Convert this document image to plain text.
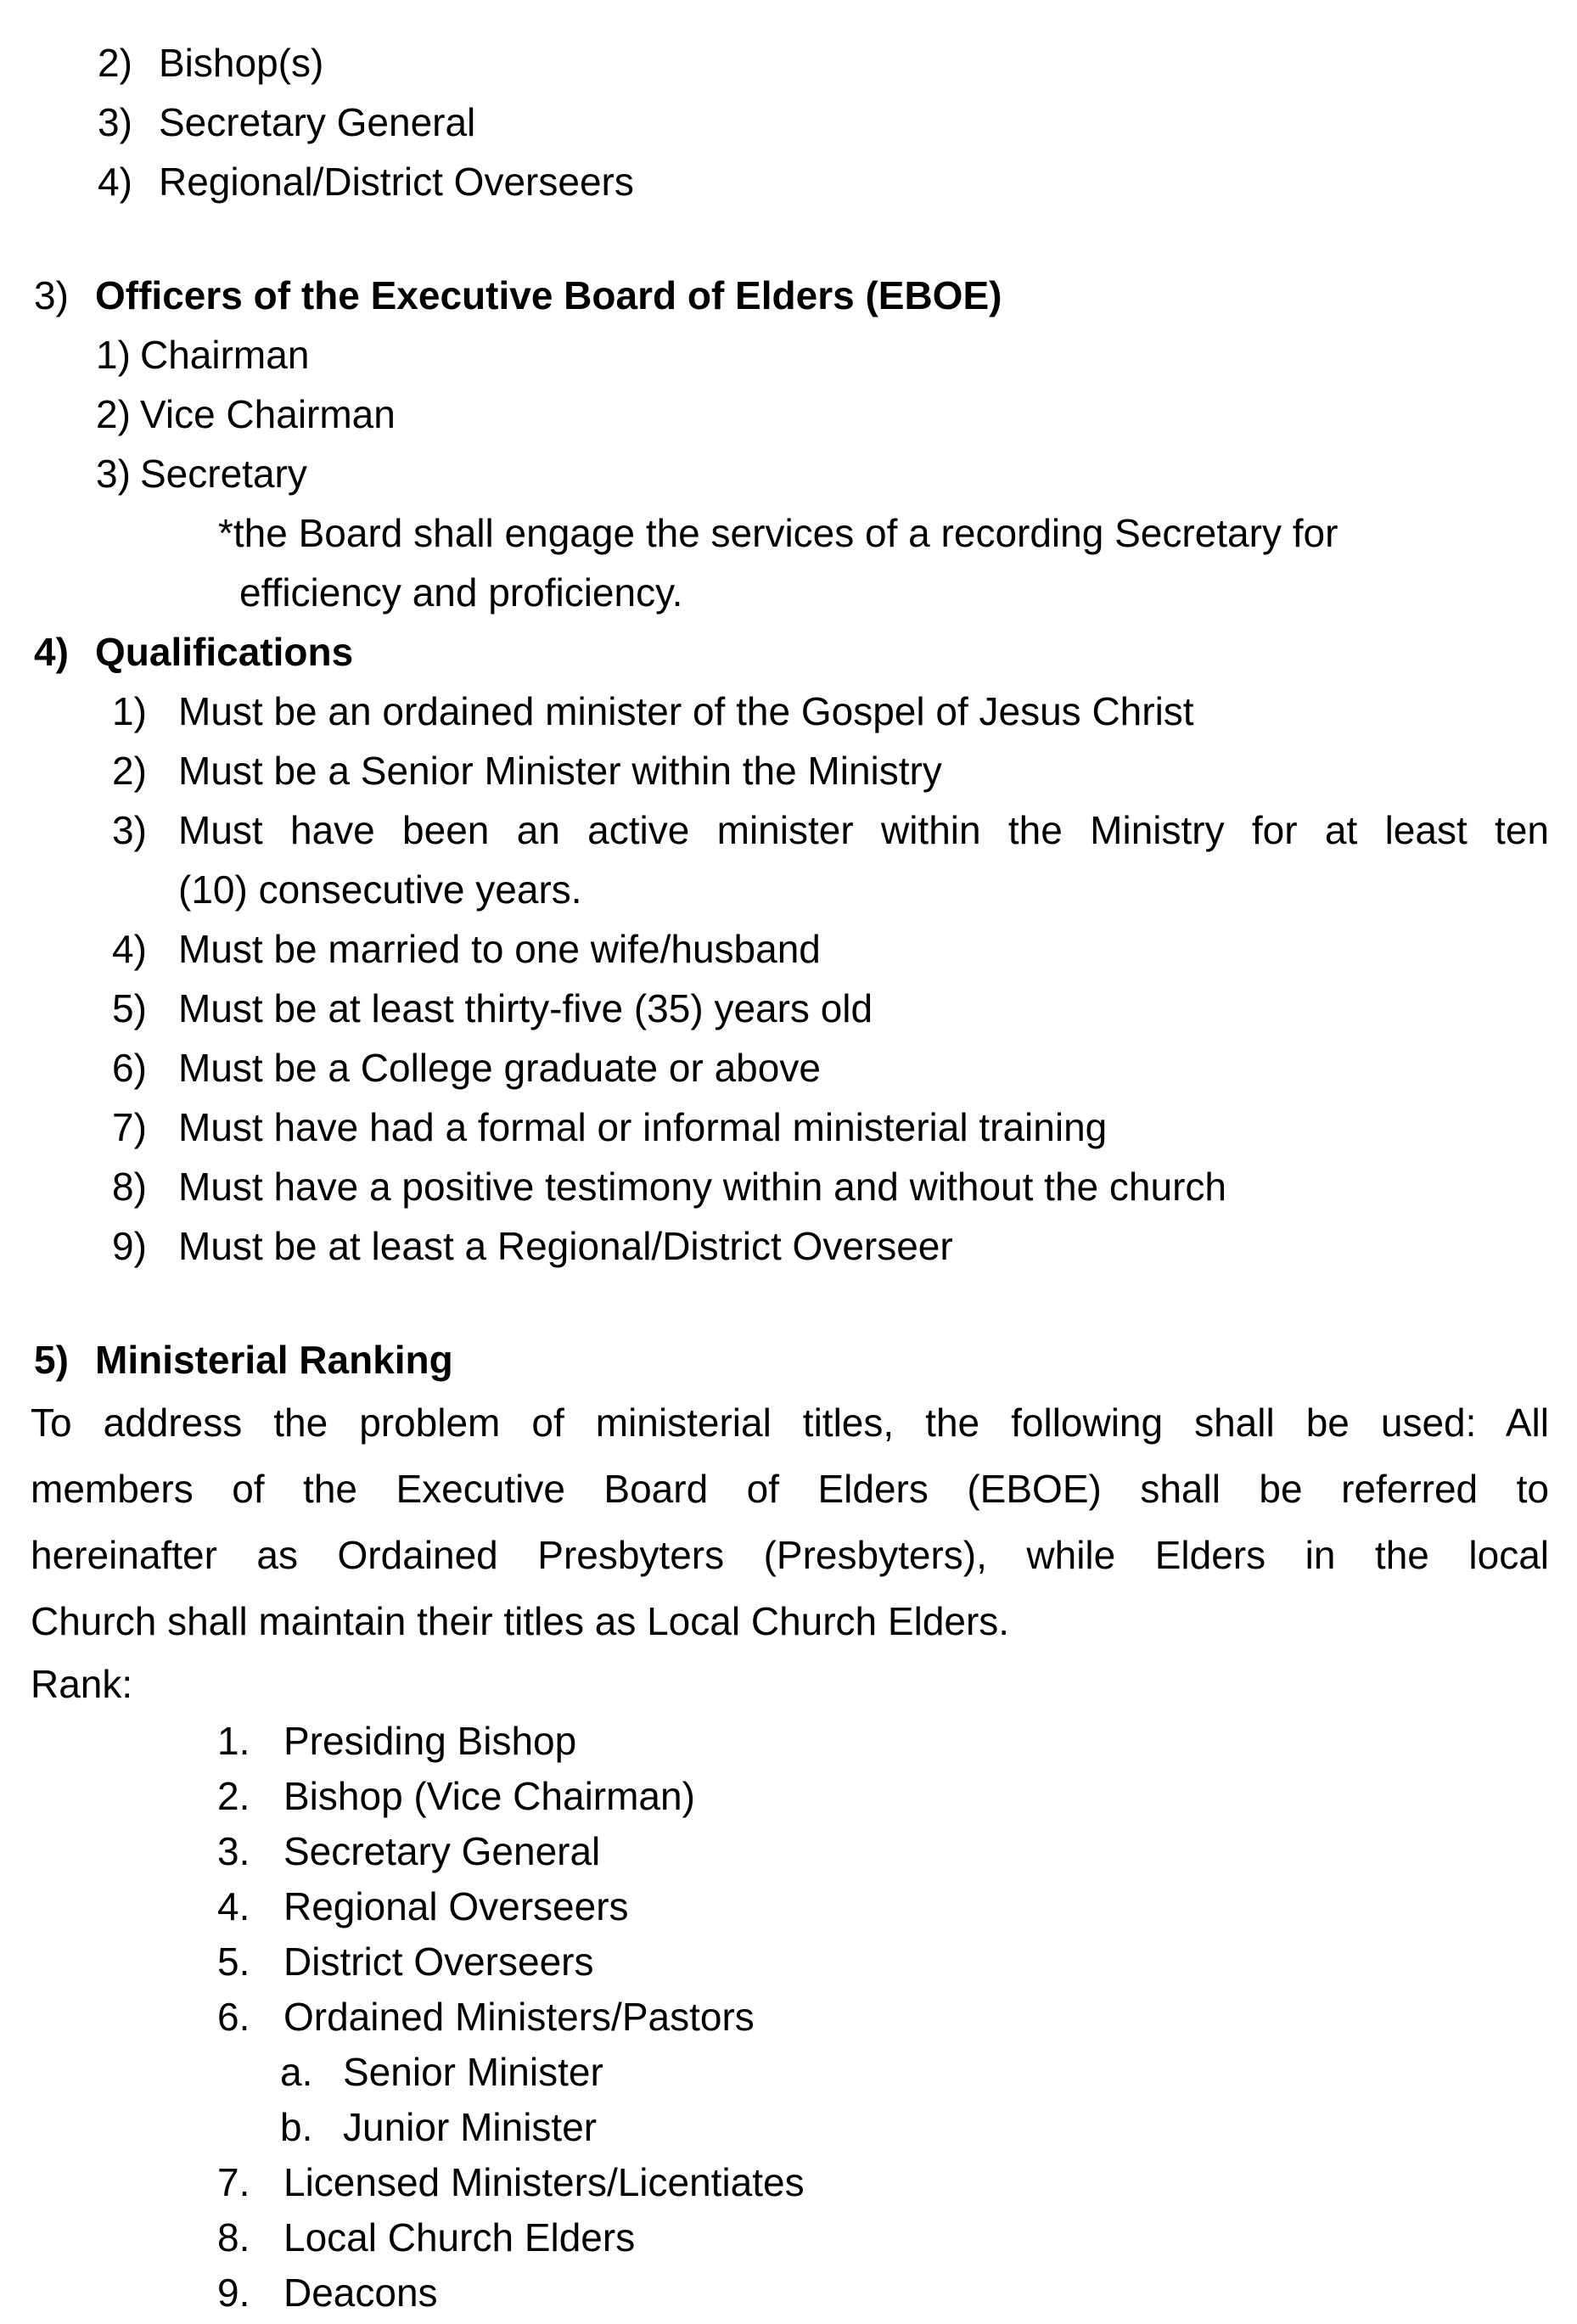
2) Bishop(s)
3) Secretary General
4) Regional/District Overseers
3) Officers of the Executive Board of Elders (EBOE)
1) Chairman
2) Vice Chairman
3) Secretary
*the Board shall engage the services of a recording Secretary for
efficiency and proficiency.
4) Qualifications
1) Must be an ordained minister of the Gospel of Jesus Christ
2) Must be a Senior Minister within the Ministry
3) Must have been an active minister within the Ministry for at least ten
(10) consecutive years.
4) Must be married to one wife/husband
5) Must be at least thirty-five (35) years old
6) Must be a College graduate or above
7) Must have had a formal or informal ministerial training
8) Must have a positive testimony within and without the church
9) Must be at least a Regional/District Overseer
5) Ministerial Ranking
To address the problem of ministerial titles, the following shall be used: All
members of the Executive Board of Elders (EBOE) shall be referred to
hereinafter as Ordained Presbyters (Presbyters), while Elders in the local
Church shall maintain their titles as Local Church Elders.
Rank:
1. Presiding Bishop
2. Bishop (Vice Chairman)
3. Secretary General
4. Regional Overseers
5. District Overseers
6. Ordained Ministers/Pastors
a. Senior Minister
b. Junior Minister
7. Licensed Ministers/Licentiates
8. Local Church Elders
9. Deacons
